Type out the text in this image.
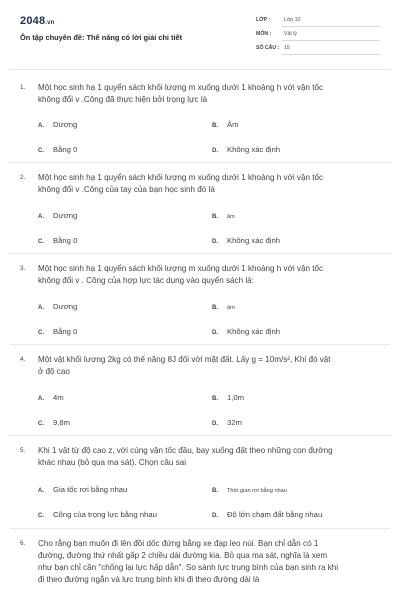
2048.vn
Ôn tập chuyên đề: Thế năng có lời giải chi tiết
LỚP :	Lớp 10
MÔN : Vật lý
SỐ CÂU : 15
1. Một học sinh hạ 1 quyển sách khối lượng m xuống dưới 1 khoảng h với vận tốc
không đổi v .Công đã thực hiện bởi trọng lực là
A. Dương	B. Âm
C. Bằng 0	D. Không xác định
2. Một học sinh hạ 1 quyển sách khối lượng m xuống dưới 1 khoảng h với vận tốc
không đổi v .Công của tay của bạn học sinh đó là
A. Dương	B. âm
C. Bằng 0	D. Không xác định
3. Một học sinh hạ 1 quyển sách khối lượng m xuống dưới 1 khoảng h với vận tốc
không đổi v . Công của hợp lực tác dụng vào quyển sách là:
A. Dương	B. âm
C. Bằng 0	D. Không xác định
4. Một vật khối lượng 2kg có thế năng 8J đối với mặt đất. Lấy g = 10m/s², Khi đó vật
ở độ cao
A. 4m	B. 1,0m
C. 9,8m	D. 32m
5. Khi 1 vật từ độ cao z, với cùng vận tốc đầu, bay xuống đất theo những con đường
khác nhau (bỏ qua ma sát). Chọn câu sai
A. Gia tốc rơi bằng nhau	B. Thời gian rơi bằng nhau
C. Công của trọng lực bằng nhau	D. Độ lớn chạm đất bằng nhau
6. Cho rằng bạn muốn đi lên đồi dốc đứng bằng xe đạp leo núi. Bạn chỉ dẫn có 1
đường, đường thứ nhất gấp 2 chiều dài đường kia. Bỏ qua ma sát, nghĩa là xem
như bạn chỉ cần "chống lại lực hấp dẫn". So sánh lực trung bình của bạn sinh ra khi
đi theo đường ngắn và lực trung bình khi đi theo đường dài là
